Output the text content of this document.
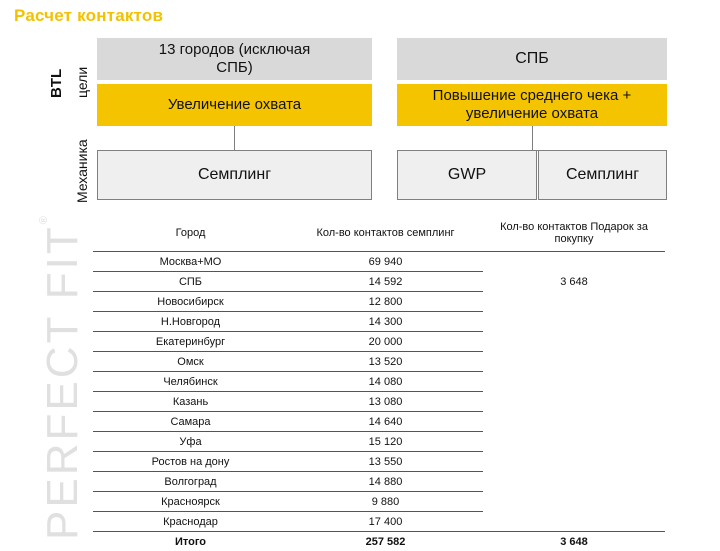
Расчет контактов
PERFECT FIT®
BTL цели
Механика
13 городов (исключая СПБ)
СПБ
Увеличение охвата
Повышение среднего чека + увеличение охвата
Семплинг	GWP	Семплинг
Город	Кол-во контактов семплинг	Кол-во контактов Подарок за покупку
Москва+МО	69 940	
СПБ	14 592	3 648
Новосибирск	12 800	
Н.Новгород	14 300	
Екатеринбург	20 000	
Омск	13 520	
Челябинск	14 080	
Казань	13 080	
Самара	14 640	
Уфа	15 120	
Ростов на дону	13 550	
Волгоград	14 880	
Красноярск	9 880	
Краснодар	17 400	
Итого	257 582	3 648
